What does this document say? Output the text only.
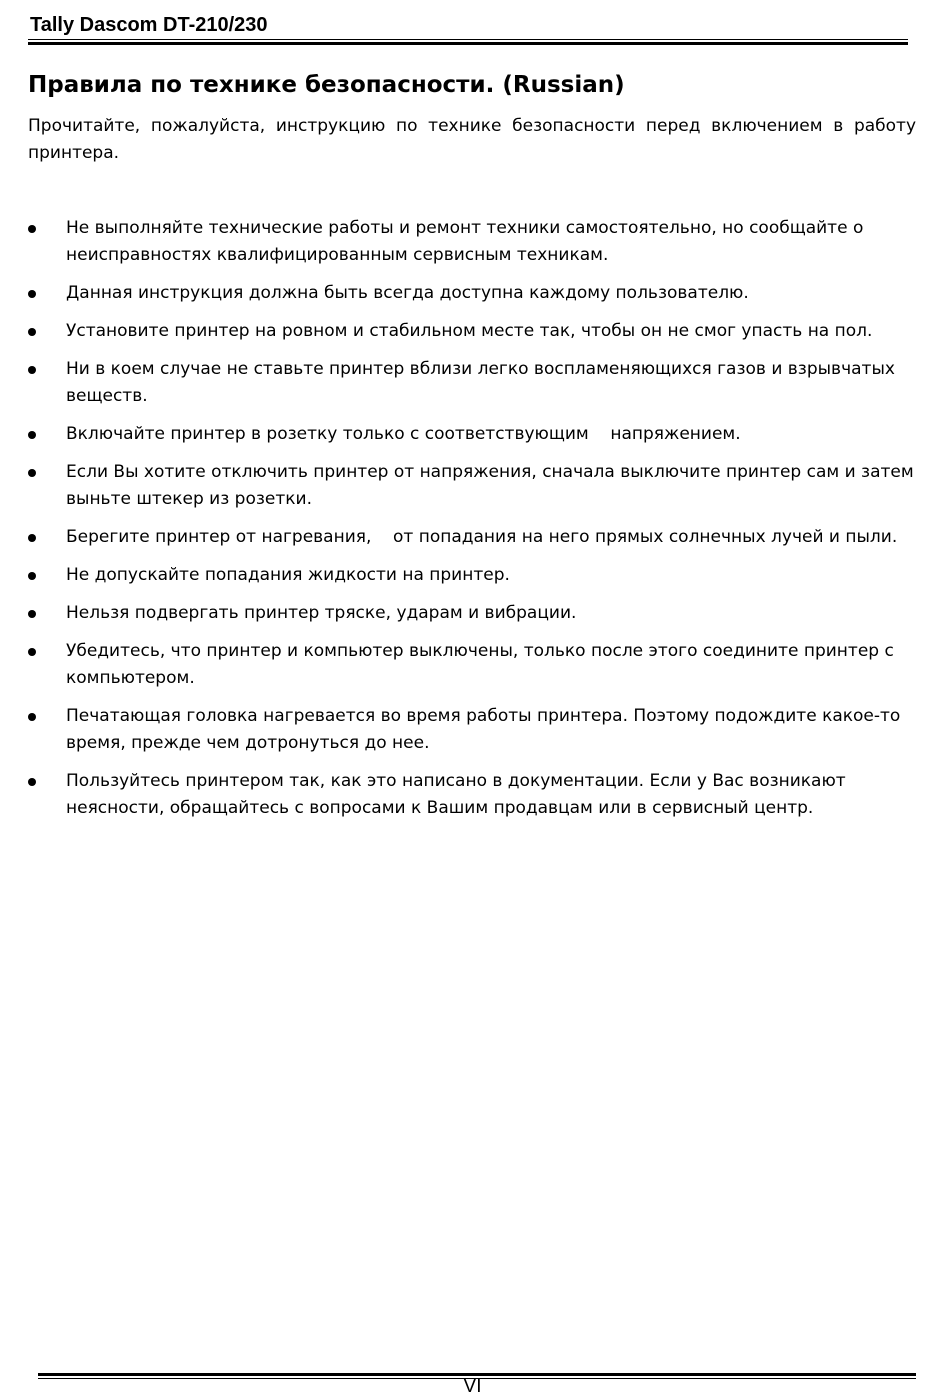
Tally Dascom DT-210/230
Правила по технике безопасности. (Russian)
Прочитайте, пожалуйста, инструкцию по технике безопасности перед включением в работу принтера.
Не выполняйте технические работы и ремонт техники самостоятельно, но сообщайте о неисправностях квалифицированным сервисным техникам.
Данная инструкция должна быть всегда доступна каждому пользователю.
Установите принтер на ровном и стабильном месте так, чтобы он не смог упасть на пол.
Ни в коем случае не ставьте принтер вблизи легко воспламеняющихся газов и взрывчатых веществ.
Включайте принтер в розетку только с соответствующим    напряжением.
Если Вы хотите отключить принтер от напряжения, сначала выключите принтер сам и затем выньте штекер из розетки.
Берегите принтер от нагревания,    от попадания на него прямых солнечных лучей и пыли.
Не допускайте попадания жидкости на принтер.
Нельзя подвергать принтер тряске, ударам и вибрации.
Убедитесь, что принтер и компьютер выключены, только после этого соедините принтер с компьютером.
Печатающая головка нагревается во время работы принтера. Поэтому подождите какое-то время, прежде чем дотронуться до нее.
Пользуйтесь принтером так, как это написано в документации. Если у Вас возникают неясности, обращайтесь с вопросами к Вашим продавцам или в сервисный центр.
VI
